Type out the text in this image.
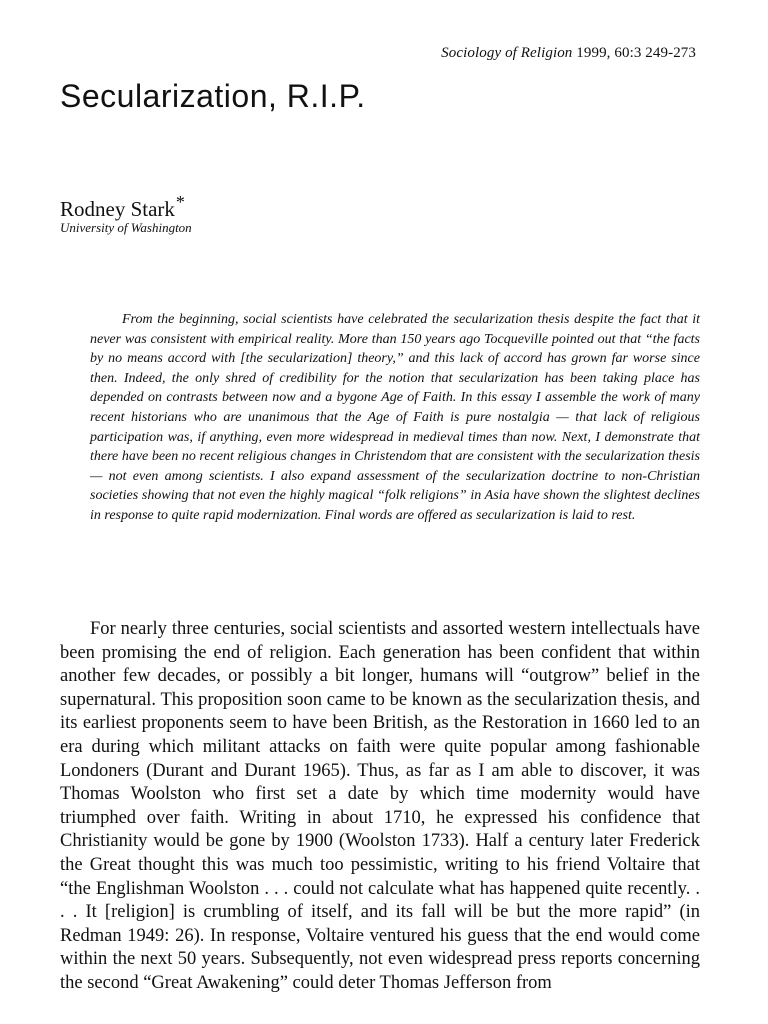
Sociology of Religion 1999, 60:3 249-273
Secularization, R.I.P.
Rodney Stark*
University of Washington

From the beginning, social scientists have celebrated the secularization thesis despite the fact that it never was consistent with empirical reality. More than 150 years ago Tocqueville pointed out that “the facts by no means accord with [the secularization] theory,” and this lack of accord has grown far worse since then. Indeed, the only shred of credibility for the notion that secularization has been taking place has depended on contrasts between now and a bygone Age of Faith. In this essay I assemble the work of many recent historians who are unanimous that the Age of Faith is pure nostalgia — that lack of religious participation was, if anything, even more widespread in medieval times than now. Next, I demonstrate that there have been no recent religious changes in Christendom that are consistent with the secularization thesis — not even among scientists. I also expand assessment of the secularization doctrine to non-Christian societies showing that not even the highly magical “folk religions” in Asia have shown the slightest declines in response to quite rapid modernization. Final words are offered as secularization is laid to rest.

For nearly three centuries, social scientists and assorted western intellectuals have been promising the end of religion. Each generation has been confident that within another few decades, or possibly a bit longer, humans will “outgrow” belief in the supernatural. This proposition soon came to be known as the secularization thesis, and its earliest proponents seem to have been British, as the Restoration in 1660 led to an era during which militant attacks on faith were quite popular among fashionable Londoners (Durant and Durant 1965). Thus, as far as I am able to discover, it was Thomas Woolston who first set a date by which time modernity would have triumphed over faith. Writing in about 1710, he expressed his confidence that Christianity would be gone by 1900 (Woolston 1733). Half a century later Frederick the Great thought this was much too pessimistic, writing to his friend Voltaire that “the Englishman Woolston . . . could not calculate what has happened quite recently. . . . It [religion] is crumbling of itself, and its fall will be but the more rapid” (in Redman 1949: 26). In response, Voltaire ventured his guess that the end would come within the next 50 years. Subsequently, not even widespread press reports concerning the second “Great Awakening” could deter Thomas Jefferson from
